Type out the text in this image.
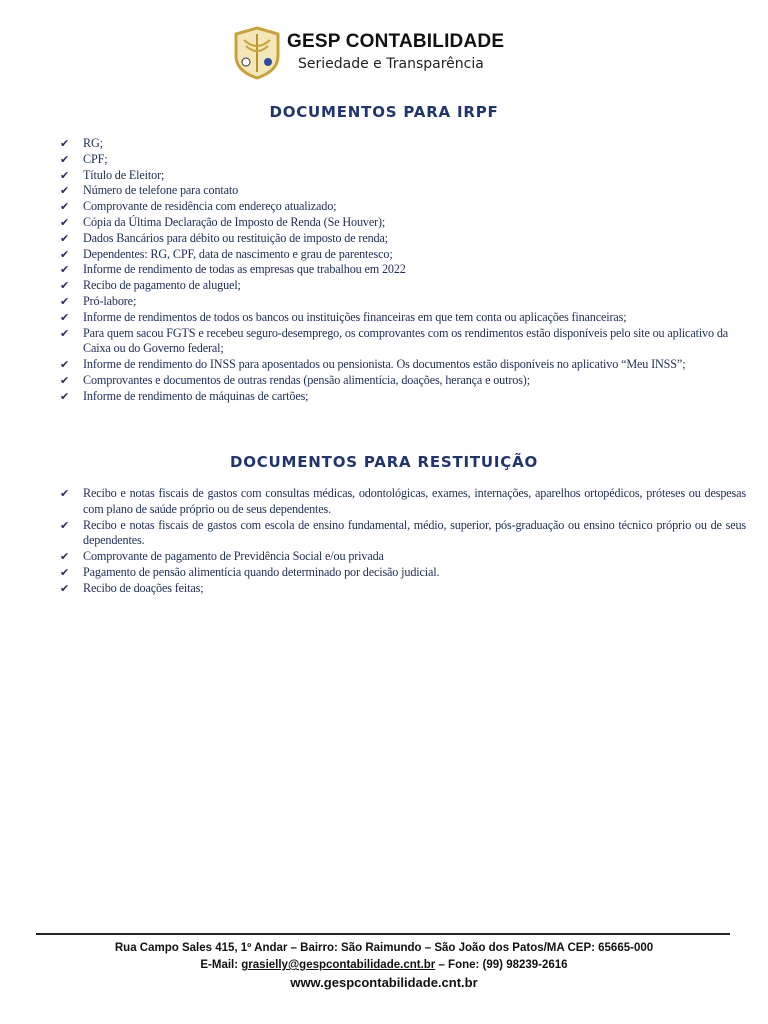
GESP CONTABILIDADE
Seriedade e Transparência
DOCUMENTOS PARA IRPF
✔ RG;
✔ CPF;
✔ Título de Eleitor;
✔ Número de telefone para contato
✔ Comprovante de residência com endereço atualizado;
✔ Cópia da Última Declaração de Imposto de Renda (Se Houver);
✔ Dados Bancários para débito ou restituição de imposto de renda;
✔ Dependentes: RG, CPF, data de nascimento e grau de parentesco;
✔ Informe de rendimento de todas as empresas que trabalhou em 2022
✔ Recibo de pagamento de aluguel;
✔ Pró-labore;
✔ Informe de rendimentos de todos os bancos ou instituições financeiras em que tem conta ou aplicações financeiras;
✔ Para quem sacou FGTS e recebeu seguro-desemprego, os comprovantes com os rendimentos estão disponíveis pelo site ou aplicativo da Caixa ou do Governo federal;
✔ Informe de rendimento do INSS para aposentados ou pensionista. Os documentos estão disponíveis no aplicativo “Meu INSS”;
✔ Comprovantes e documentos de outras rendas (pensão alimentícia, doações, herança e outros);
✔ Informe de rendimento de máquinas de cartões;
DOCUMENTOS PARA RESTITUIÇÃO
✔ Recibo e notas fiscais de gastos com consultas médicas, odontológicas, exames, internações, aparelhos ortopédicos, próteses ou despesas com plano de saúde próprio ou de seus dependentes.
✔ Recibo e notas fiscais de gastos com escola de ensino fundamental, médio, superior, pós-graduação ou ensino técnico próprio ou de seus dependentes.
✔ Comprovante de pagamento de Previdência Social e/ou privada
✔ Pagamento de pensão alimentícia quando determinado por decisão judicial.
✔ Recibo de doações feitas;
Rua Campo Sales 415, 1º Andar – Bairro: São Raimundo – São João dos Patos/MA CEP: 65665-000
E-Mail: grasielly@gespcontabilidade.cnt.br – Fone: (99) 98239-2616
www.gespcontabilidade.cnt.br
